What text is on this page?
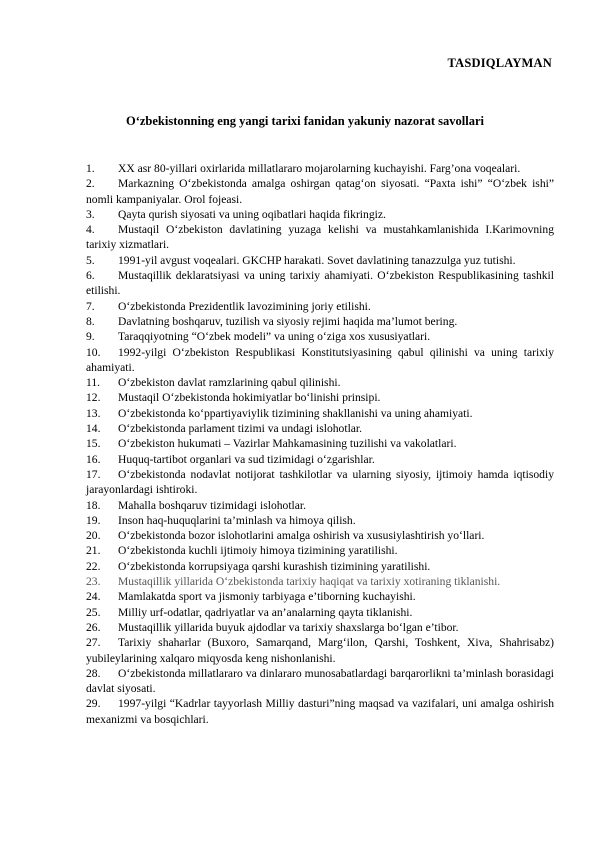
TASDIQLAYMAN
O‘zbekistonning eng yangi tarixi fanidan yakuniy nazorat savollari
1. XX asr 80-yillari oxirlarida millatlararo mojarolarning kuchayishi. Farg’ona voqealari.
2. Markazning O‘zbekistonda amalga oshirgan qatag‘on siyosati. “Paxta ishi” “O‘zbek ishi” nomli kampaniyalar. Orol fojeasi.
3. Qayta qurish siyosati va uning oqibatlari haqida fikringiz.
4. Mustaqil O‘zbekiston davlatining yuzaga kelishi va mustahkamlanishida I.Karimovning tarixiy xizmatlari.
5. 1991-yil avgust voqealari. GKCHP harakati. Sovet davlatining tanazzulga yuz tutishi.
6. Mustaqillik deklaratsiyasi va uning tarixiy ahamiyati. O‘zbekiston Respublikasining tashkil etilishi.
7. O‘zbekistonda Prezidentlik lavozimining joriy etilishi.
8. Davlatning boshqaruv, tuzilish va siyosiy rejimi haqida ma’lumot bering.
9. Taraqqiyotning “O‘zbek modeli” va uning o‘ziga xos xususiyatlari.
10. 1992-yilgi O‘zbekiston Respublikasi Konstitutsiyasining qabul qilinishi va uning tarixiy ahamiyati.
11. O‘zbekiston davlat ramzlarining qabul qilinishi.
12. Mustaqil O‘zbekistonda hokimiyatlar bo‘linishi prinsipi.
13. O‘zbekistonda ko‘ppartiyaviylik tizimining shakllanishi va uning ahamiyati.
14. O‘zbekistonda parlament tizimi va undagi islohotlar.
15. O‘zbekiston hukumati – Vazirlar Mahkamasining tuzilishi va vakolatlari.
16. Huquq-tartibot organlari va sud tizimidagi o‘zgarishlar.
17. O‘zbekistonda nodavlat notijorat tashkilotlar va ularning siyosiy, ijtimoiy hamda iqtisodiy jarayonlardagi ishtiroki.
18. Mahalla boshqaruv tizimidagi islohotlar.
19. Inson haq-huquqlarini ta’minlash va himoya qilish.
20. O‘zbekistonda bozor islohotlarini amalga oshirish va xususiylashtirish yo‘llari.
21. O‘zbekistonda kuchli ijtimoiy himoya tizimining yaratilishi.
22. O‘zbekistonda korrupsiyaga qarshi kurashish tizimining yaratilishi.
23. Mustaqillik yillarida O‘zbekistonda tarixiy haqiqat va tarixiy xotiraning tiklanishi.
24. Mamlakatda sport va jismoniy tarbiyaga e’tiborning kuchayishi.
25. Milliy urf-odatlar, qadriyatlar va an’analarning qayta tiklanishi.
26. Mustaqillik yillarida buyuk ajdodlar va tarixiy shaxslarga bo‘lgan e’tibor.
27. Tarixiy shaharlar (Buxoro, Samarqand, Marg‘ilon, Qarshi, Toshkent, Xiva, Shahrisabz) yubileylarining xalqaro miqyosda keng nishonlanishi.
28. O‘zbekistonda millatlararo va dinlararo munosabatlardagi barqarorlikni ta’minlash borasidagi davlat siyosati.
29. 1997-yilgi “Kadrlar tayyorlash Milliy dasturi”ning maqsad va vazifalari, uni amalga oshirish mexanizmi va bosqichlari.
